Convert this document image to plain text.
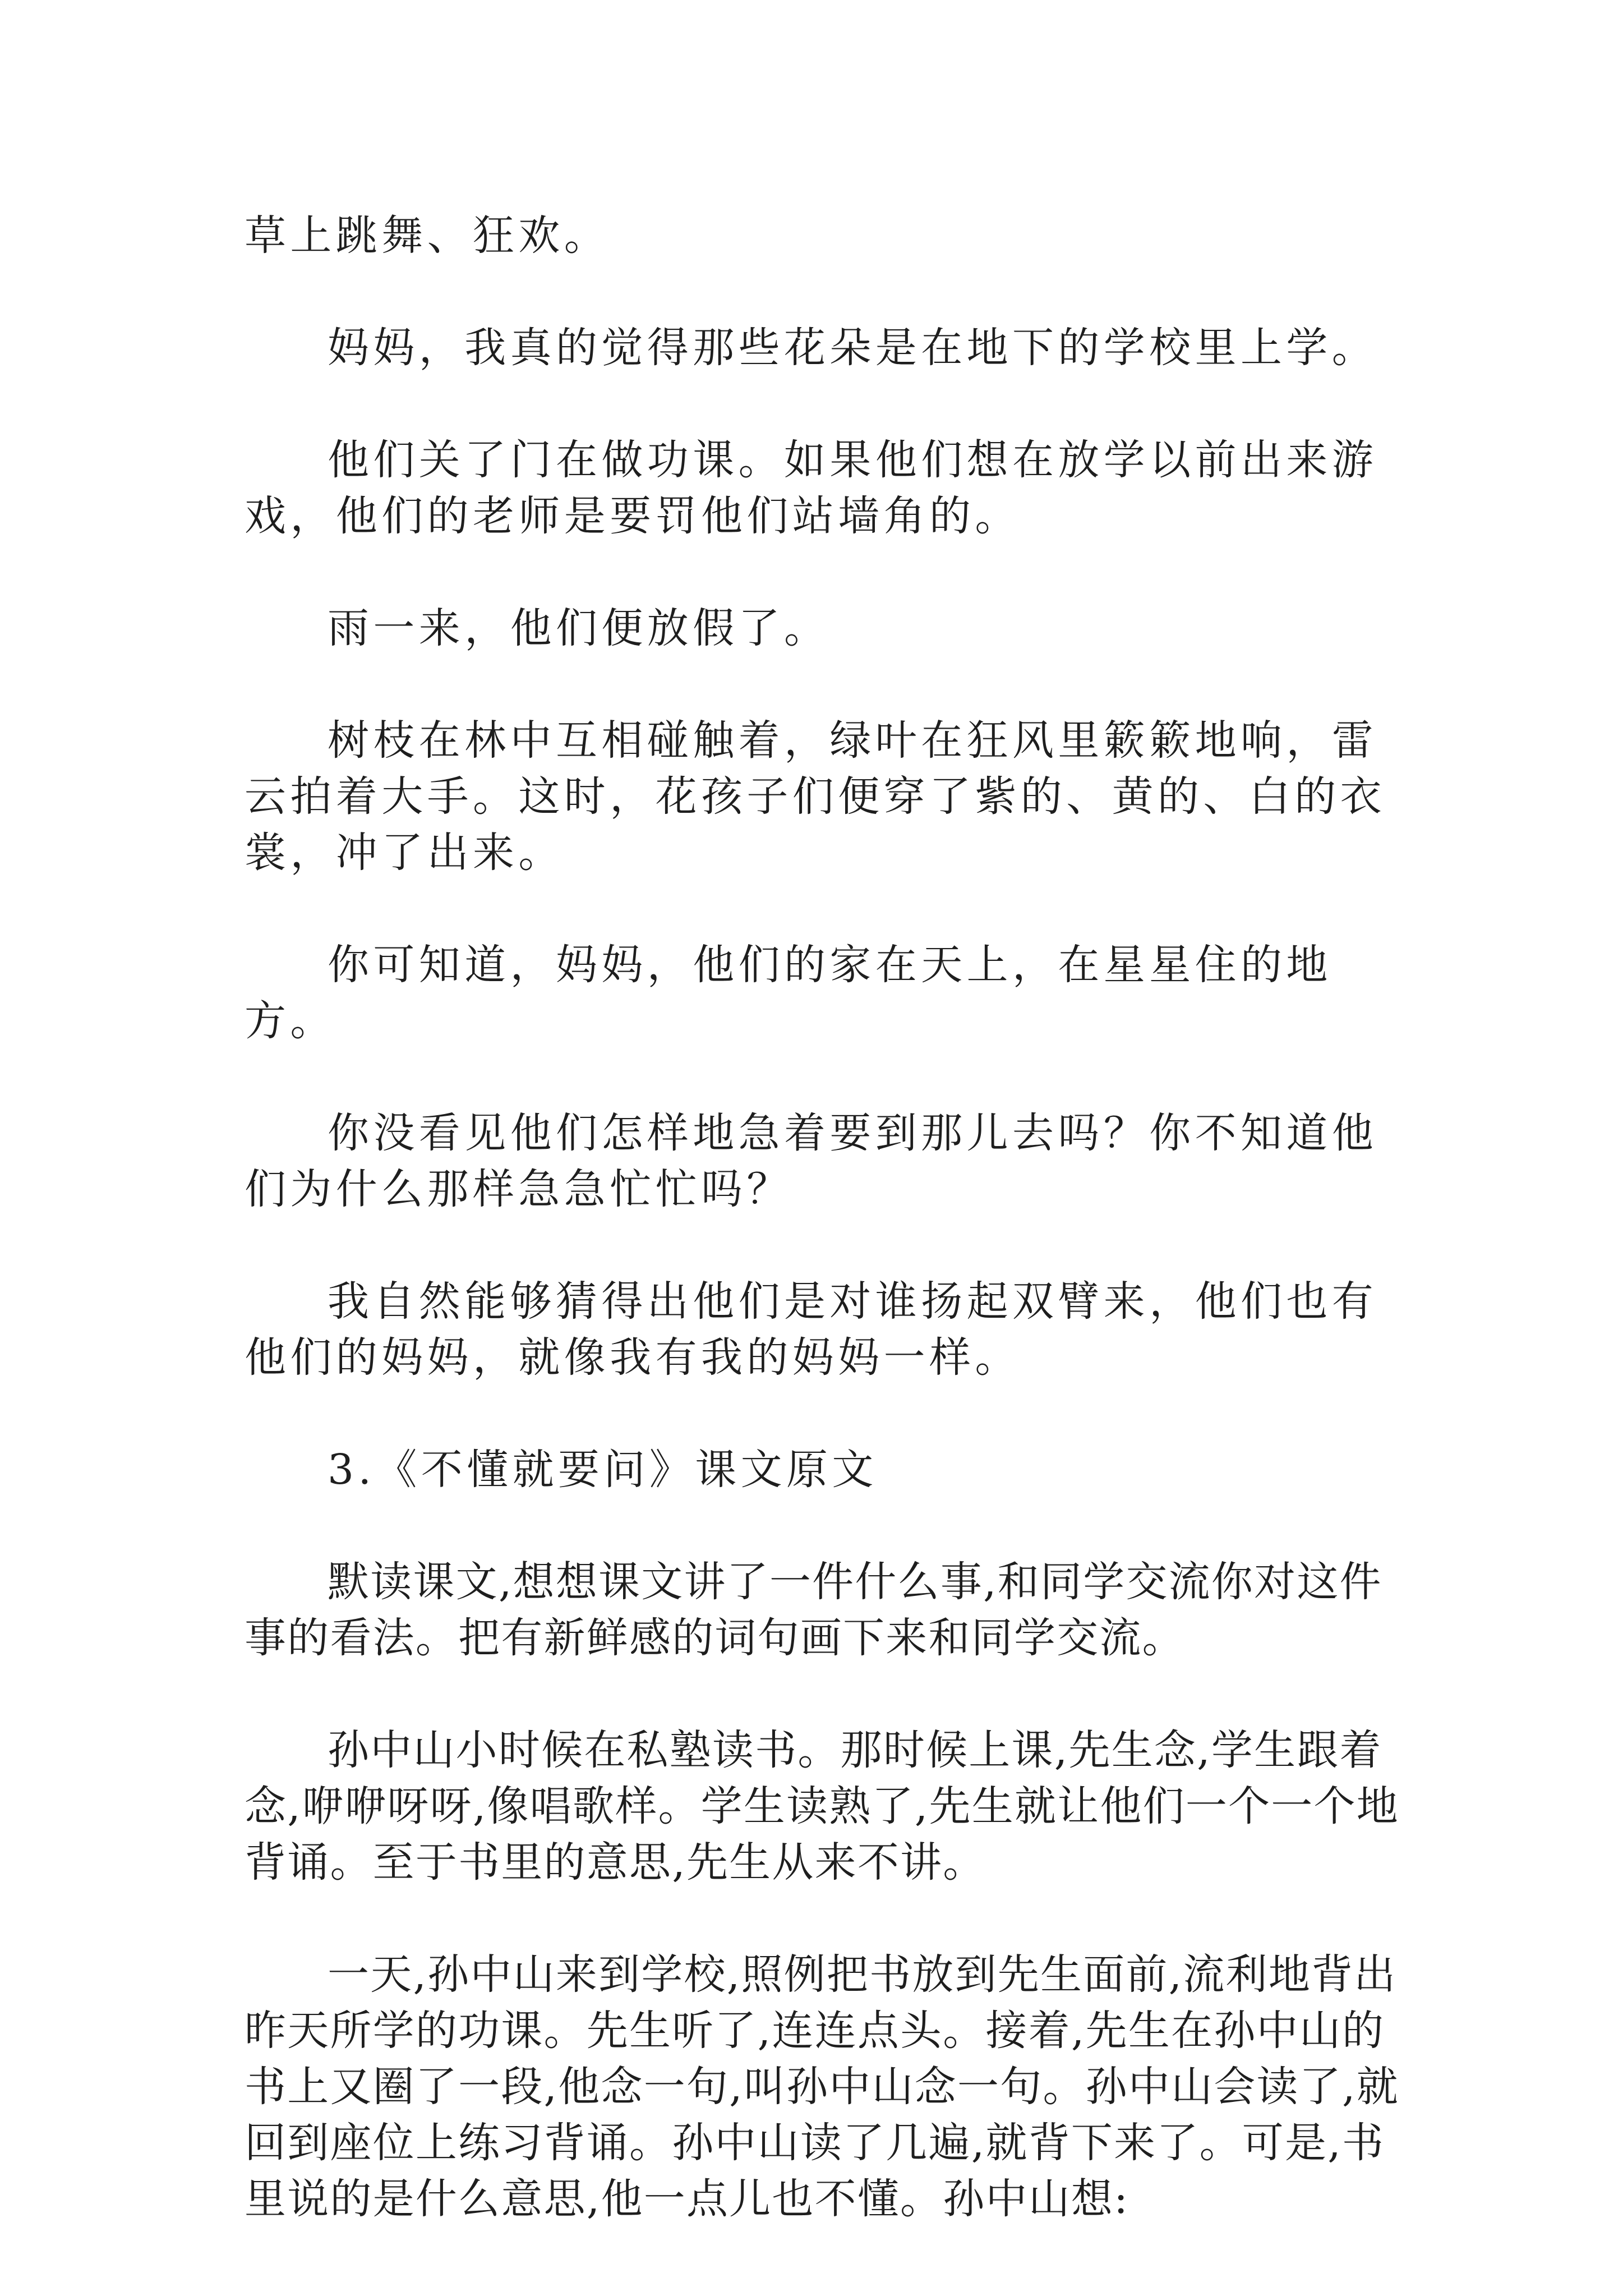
草上跳舞、狂欢。

妈妈，我真的觉得那些花朵是在地下的学校里上学。

他们关了门在做功课。如果他们想在放学以前出来游戏，他们的老师是要罚他们站墙角的。

雨一来，他们便放假了。

树枝在林中互相碰触着，绿叶在狂风里簌簌地响，雷云拍着大手。这时，花孩子们便穿了紫的、黄的、白的衣裳，冲了出来。

你可知道，妈妈，他们的家在天上，在星星住的地方。

你没看见他们怎样地急着要到那儿去吗？你不知道他们为什么那样急急忙忙吗？

我自然能够猜得出他们是对谁扬起双臂来，他们也有他们的妈妈，就像我有我的妈妈一样。

3.《不懂就要问》课文原文

默读课文,想想课文讲了一件什么事,和同学交流你对这件事的看法。把有新鲜感的词句画下来和同学交流。

孙中山小时候在私塾读书。那时候上课,先生念,学生跟着念,咿咿呀呀,像唱歌样。学生读熟了,先生就让他们一个一个地背诵。至于书里的意思,先生从来不讲。

一天,孙中山来到学校,照例把书放到先生面前,流利地背出昨天所学的功课。先生听了,连连点头。接着,先生在孙中山的书上又圈了一段,他念一句,叫孙中山念一句。孙中山会读了,就回到座位上练习背诵。孙中山读了几遍,就背下来了。可是,书里说的是什么意思,他一点儿也不懂。孙中山想:
